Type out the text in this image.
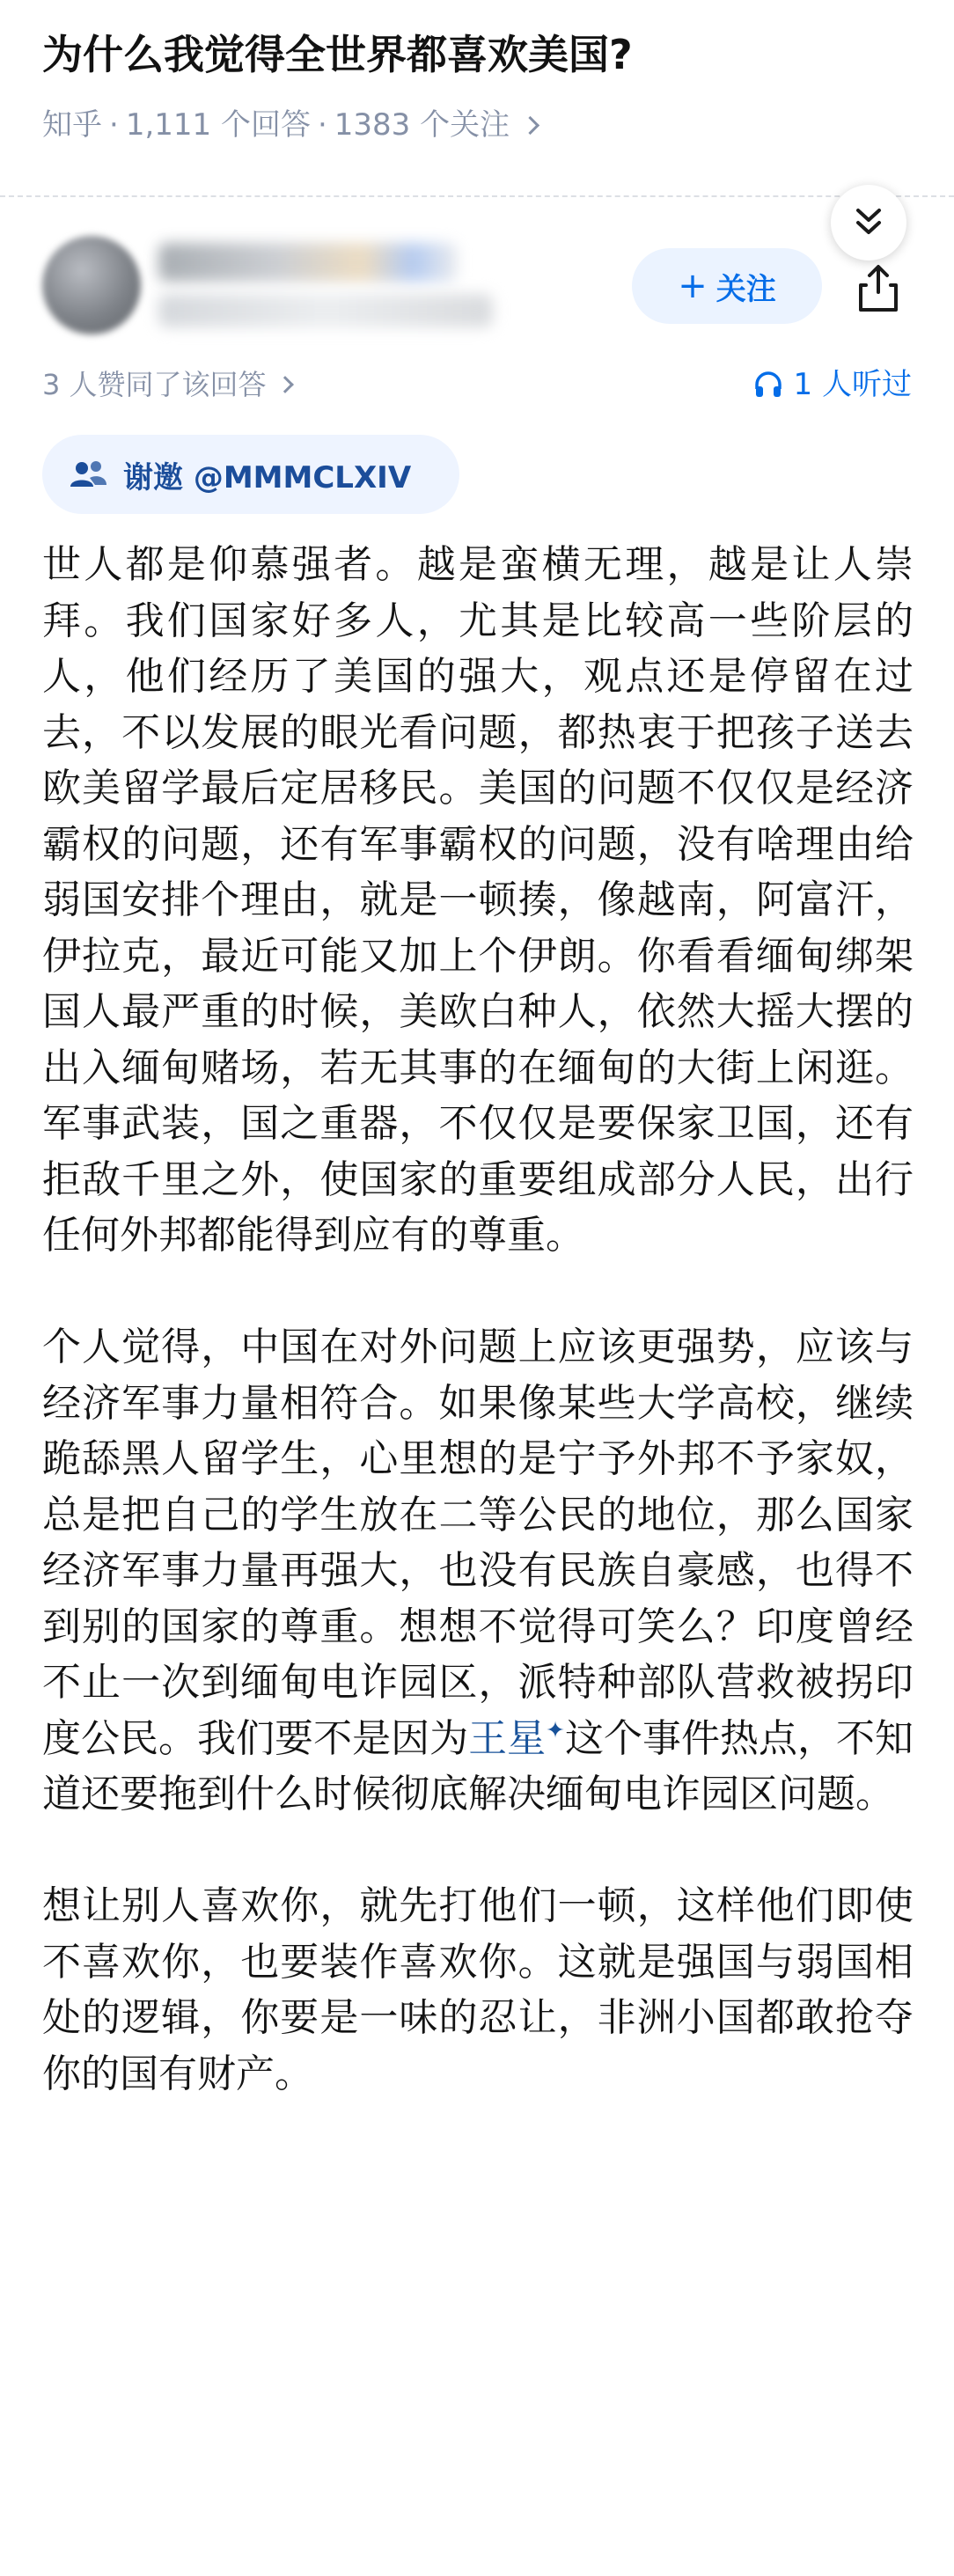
为什么我觉得全世界都喜欢美国?
知乎 · 1,111 个回答 · 1383 个关注
+ 关注
3 人赞同了该回答	1 人听过
谢邀 @MMMCLXIV

世人都是仰慕强者。越是蛮横无理，越是让人崇拜。我们国家好多人，尤其是比较高一些阶层的人，他们经历了美国的强大，观点还是停留在过去，不以发展的眼光看问题，都热衷于把孩子送去欧美留学最后定居移民。美国的问题不仅仅是经济霸权的问题，还有军事霸权的问题，没有啥理由给弱国安排个理由，就是一顿揍，像越南，阿富汗，伊拉克，最近可能又加上个伊朗。你看看缅甸绑架国人最严重的时候，美欧白种人，依然大摇大摆的出入缅甸赌场，若无其事的在缅甸的大街上闲逛。军事武装，国之重器，不仅仅是要保家卫国，还有拒敌千里之外，使国家的重要组成部分人民，出行任何外邦都能得到应有的尊重。

个人觉得，中国在对外问题上应该更强势，应该与经济军事力量相符合。如果像某些大学高校，继续跪舔黑人留学生，心里想的是宁予外邦不予家奴，总是把自己的学生放在二等公民的地位，那么国家经济军事力量再强大，也没有民族自豪感，也得不到别的国家的尊重。想想不觉得可笑么？印度曾经不止一次到缅甸电诈园区，派特种部队营救被拐印度公民。我们要不是因为王星✦这个事件热点，不知道还要拖到什么时候彻底解决缅甸电诈园区问题。

想让别人喜欢你，就先打他们一顿，这样他们即使不喜欢你，也要装作喜欢你。这就是强国与弱国相处的逻辑，你要是一味的忍让，非洲小国都敢抢夺你的国有财产。
